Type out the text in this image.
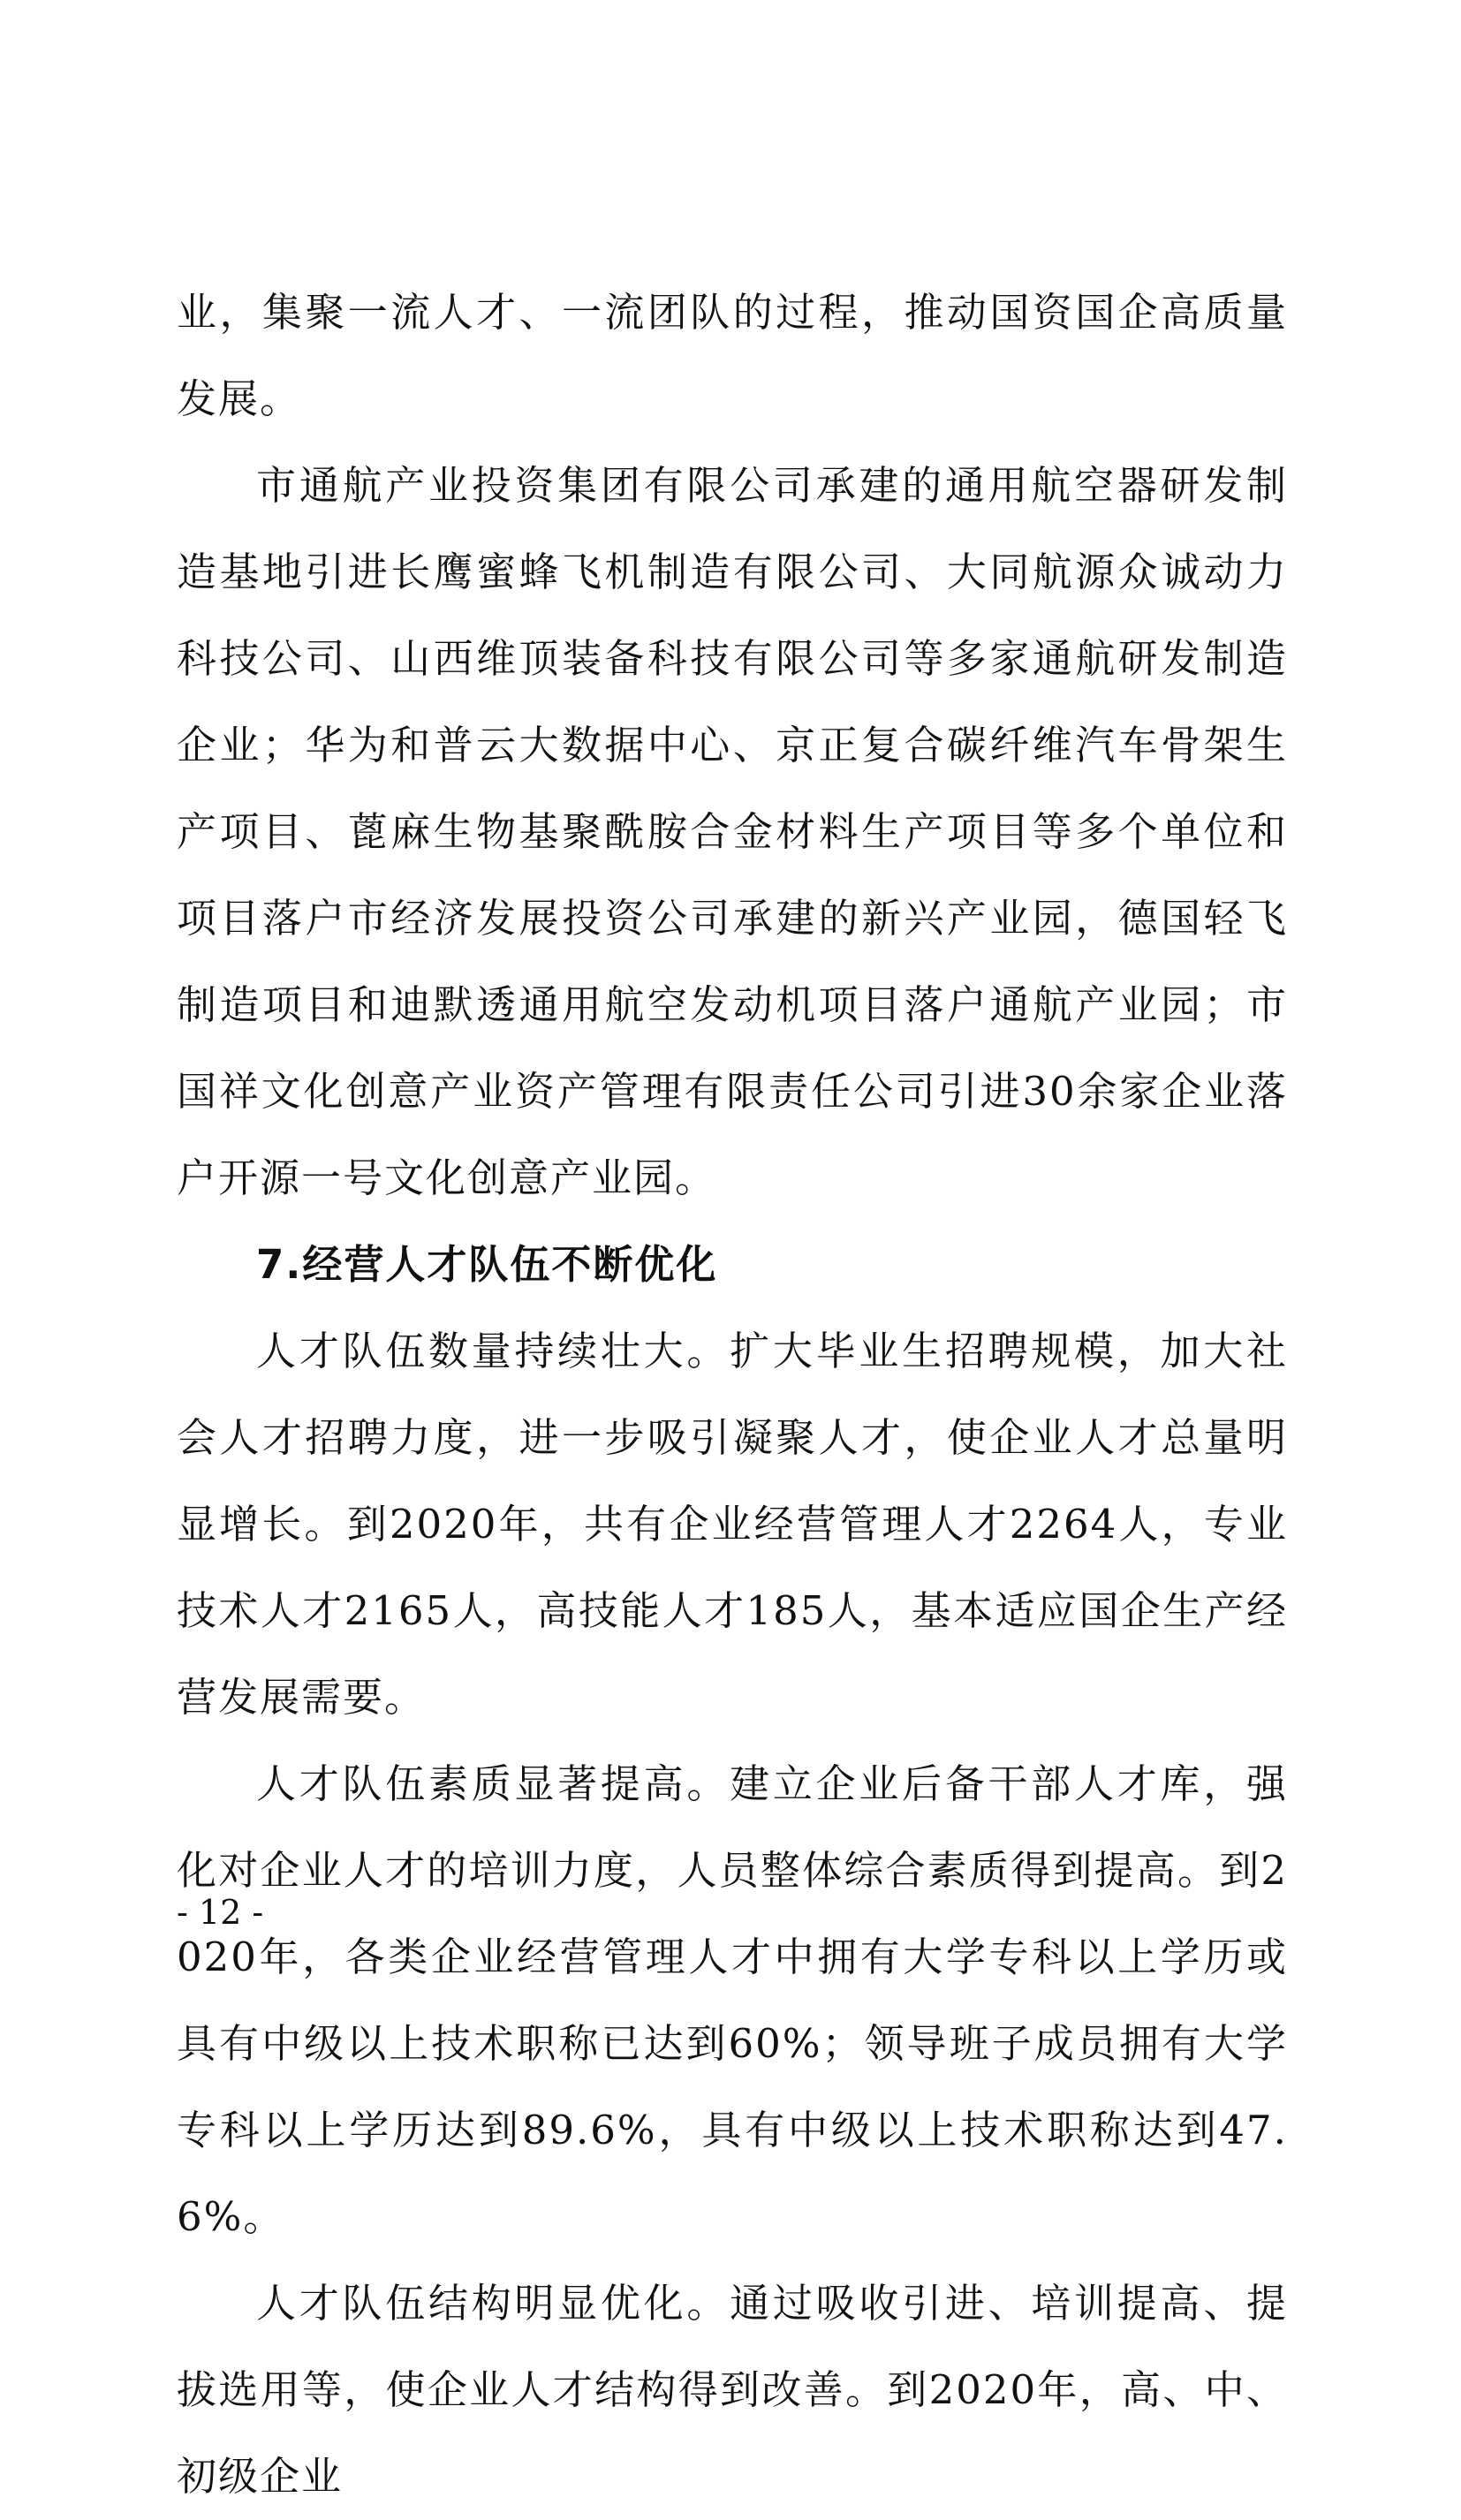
业，集聚一流人才、一流团队的过程，推动国资国企高质量发展。

市通航产业投资集团有限公司承建的通用航空器研发制造基地引进长鹰蜜蜂飞机制造有限公司、大同航源众诚动力科技公司、山西维顶装备科技有限公司等多家通航研发制造企业；华为和普云大数据中心、京正复合碳纤维汽车骨架生产项目、蓖麻生物基聚酰胺合金材料生产项目等多个单位和项目落户市经济发展投资公司承建的新兴产业园，德国轻飞制造项目和迪默透通用航空发动机项目落户通航产业园；市国祥文化创意产业资产管理有限责任公司引进30余家企业落户开源一号文化创意产业园。

7.经营人才队伍不断优化

人才队伍数量持续壮大。扩大毕业生招聘规模，加大社会人才招聘力度，进一步吸引凝聚人才，使企业人才总量明显增长。到2020年，共有企业经营管理人才2264人，专业技术人才2165人，高技能人才185人，基本适应国企生产经营发展需要。

人才队伍素质显著提高。建立企业后备干部人才库，强化对企业人才的培训力度，人员整体综合素质得到提高。到2020年，各类企业经营管理人才中拥有大学专科以上学历或具有中级以上技术职称已达到60%；领导班子成员拥有大学专科以上学历达到89.6%，具有中级以上技术职称达到47.6%。

人才队伍结构明显优化。通过吸收引进、培训提高、提拔选用等，使企业人才结构得到改善。到2020年，高、中、初级企业

- 12 -
